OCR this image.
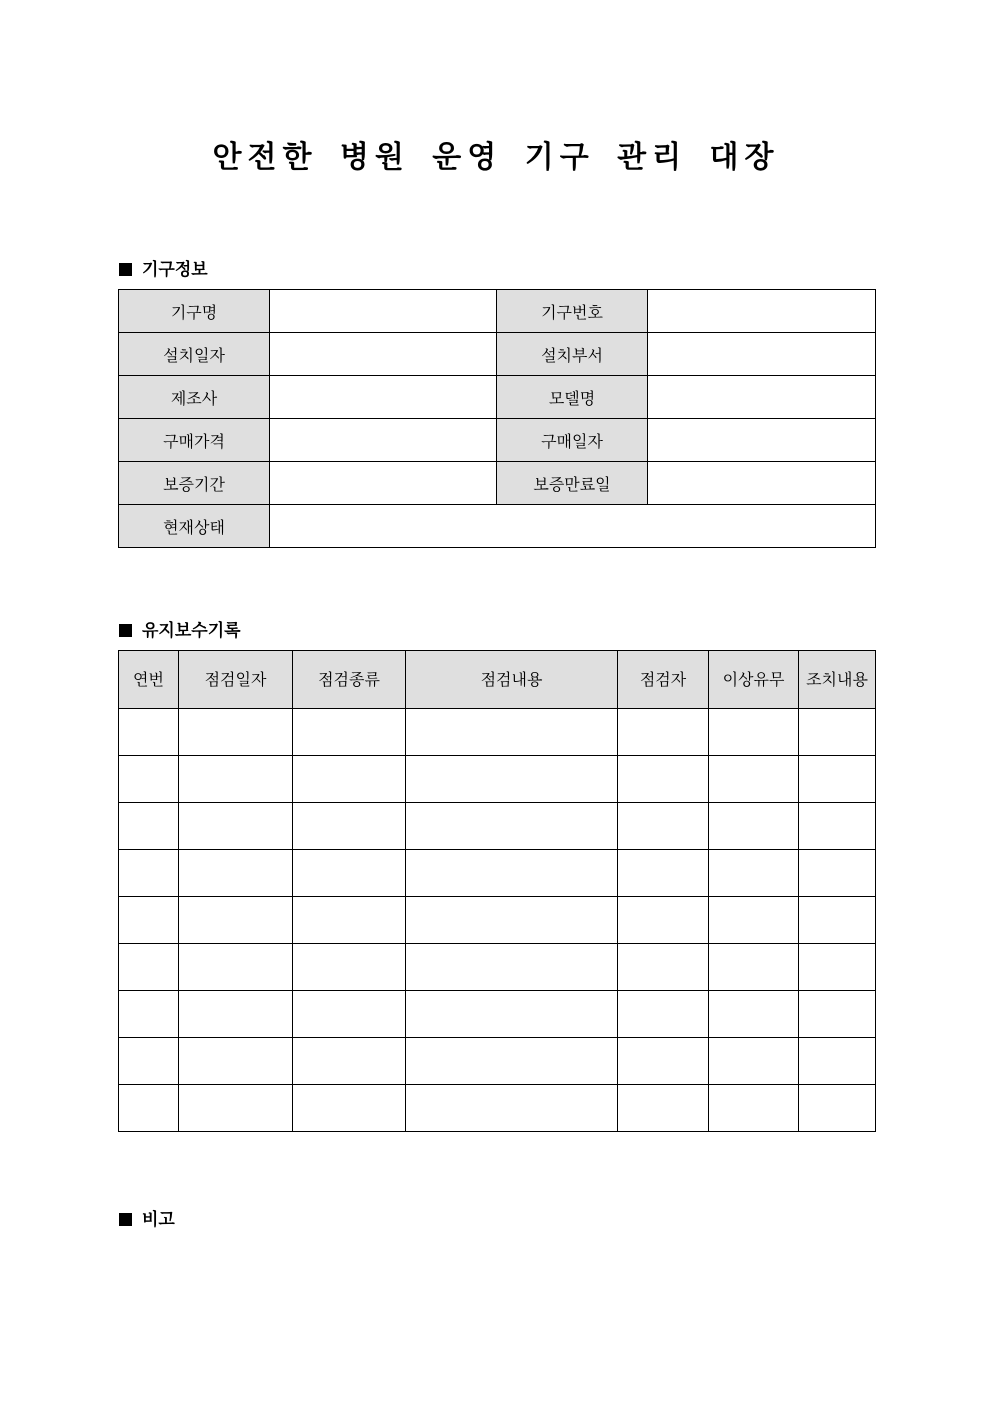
안전한 병원 운영 기구 관리 대장
기구정보
기구명		기구번호	
설치일자		설치부서	
제조사		모델명	
구매가격		구매일자	
보증기간		보증만료일	
현재상태			
유지보수기록
연번	점검일자	점검종류	점검내용	점검자	이상유무	조치내용

비고
